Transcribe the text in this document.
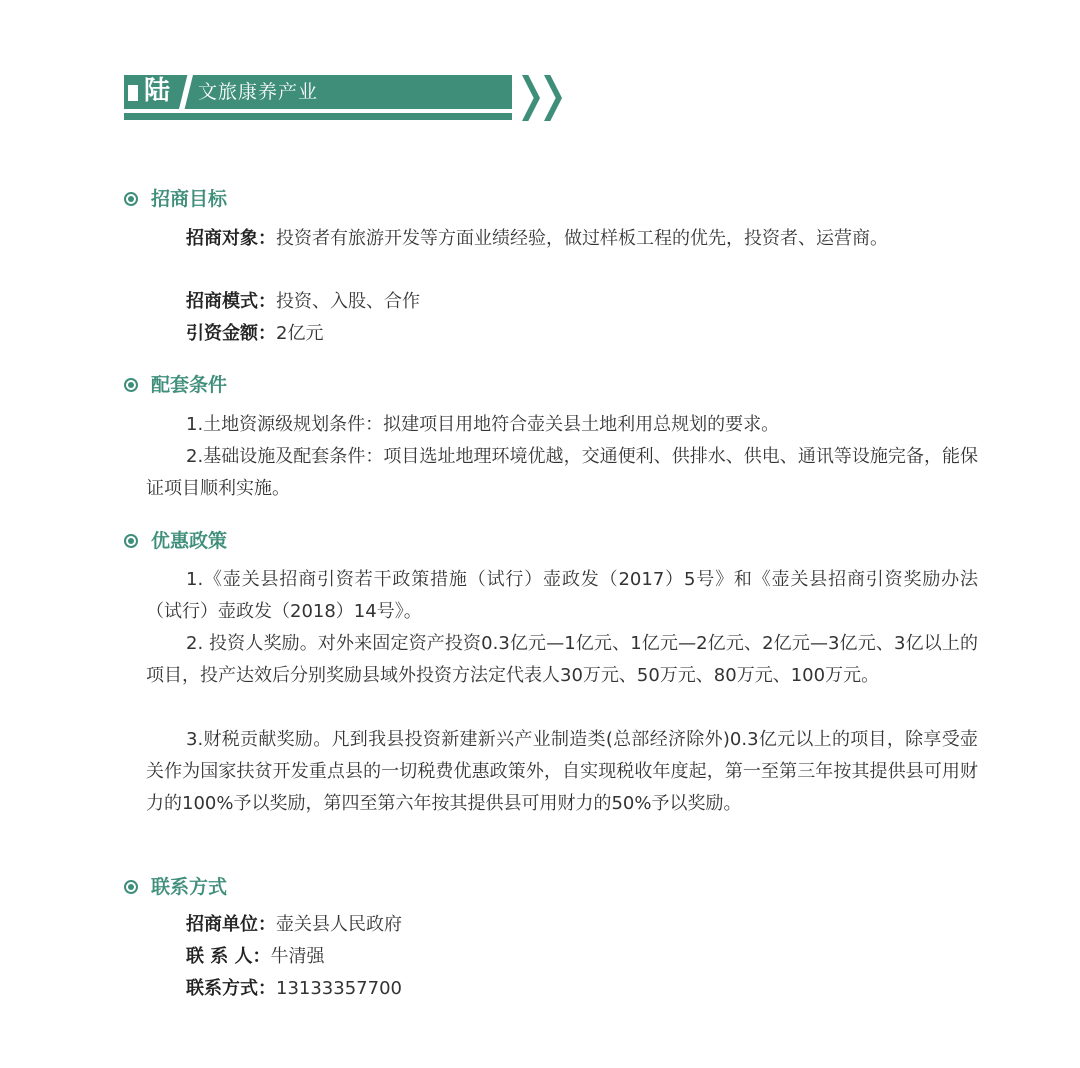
陆 文旅康养产业
招商目标
招商对象：投资者有旅游开发等方面业绩经验，做过样板工程的优先，投资者、运营商。
招商模式：投资、入股、合作
引资金额：2亿元
配套条件
1.土地资源级规划条件：拟建项目用地符合壶关县土地利用总规划的要求。
2.基础设施及配套条件：项目选址地理环境优越，交通便利、供排水、供电、通讯等设施完备，能保证项目顺利实施。
优惠政策
1.《壶关县招商引资若干政策措施（试行）壶政发（2017）5号》和《壶关县招商引资奖励办法（试行）壶政发（2018）14号》。
2. 投资人奖励。对外来固定资产投资0.3亿元—1亿元、1亿元—2亿元、2亿元—3亿元、3亿以上的项目，投产达效后分别奖励县域外投资方法定代表人30万元、50万元、80万元、100万元。
3.财税贡献奖励。凡到我县投资新建新兴产业制造类(总部经济除外)0.3亿元以上的项目，除享受壶关作为国家扶贫开发重点县的一切税费优惠政策外，自实现税收年度起，第一至第三年按其提供县可用财力的100%予以奖励，第四至第六年按其提供县可用财力的50%予以奖励。
联系方式
招商单位：壶关县人民政府
联 系 人：牛清强
联系方式：13133357700
